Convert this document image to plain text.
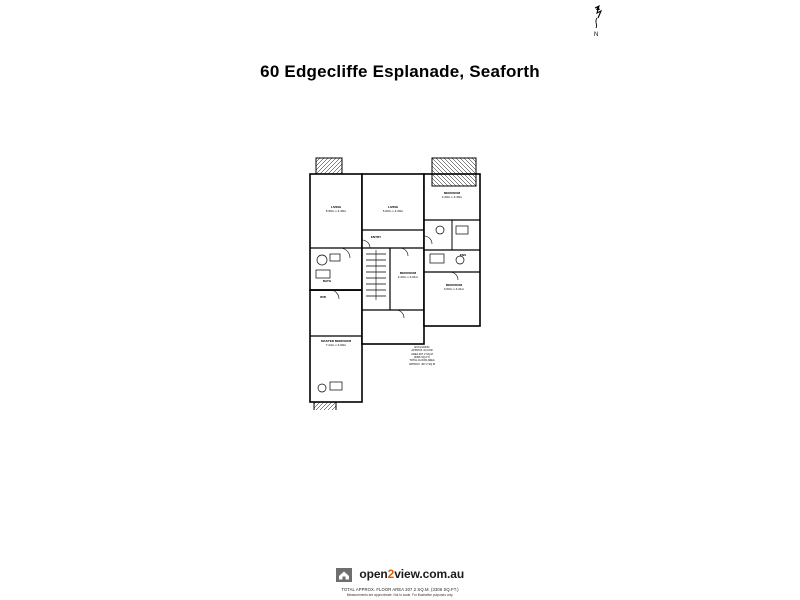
N
60 Edgecliffe Esplanade, Seaforth
LIVING
5.95m x 4.30m
LIVING
5.00m x 4.20m
BEDROOM
4.20m x 3.30m
BEDROOM
4.20m x 3.01m
BEDROOM
3.60m x 3.21m
MASTER BEDROOM
7.24m x 3.60m
W/R
ENS
BATH
ENTRY
EXCLUDING
APPROX. FLOOR
AREA 307.2 SQ.M
(3306 SQ.FT.)
TOTAL FLOOR AREA
APPROX. 307.2 SQ.M
open2view.com.au
TOTAL APPROX. FLOOR AREA 307.2 SQ.M. (3306 SQ.FT.)
Measurements are approximate. Not to scale. For illustrative purposes only.
